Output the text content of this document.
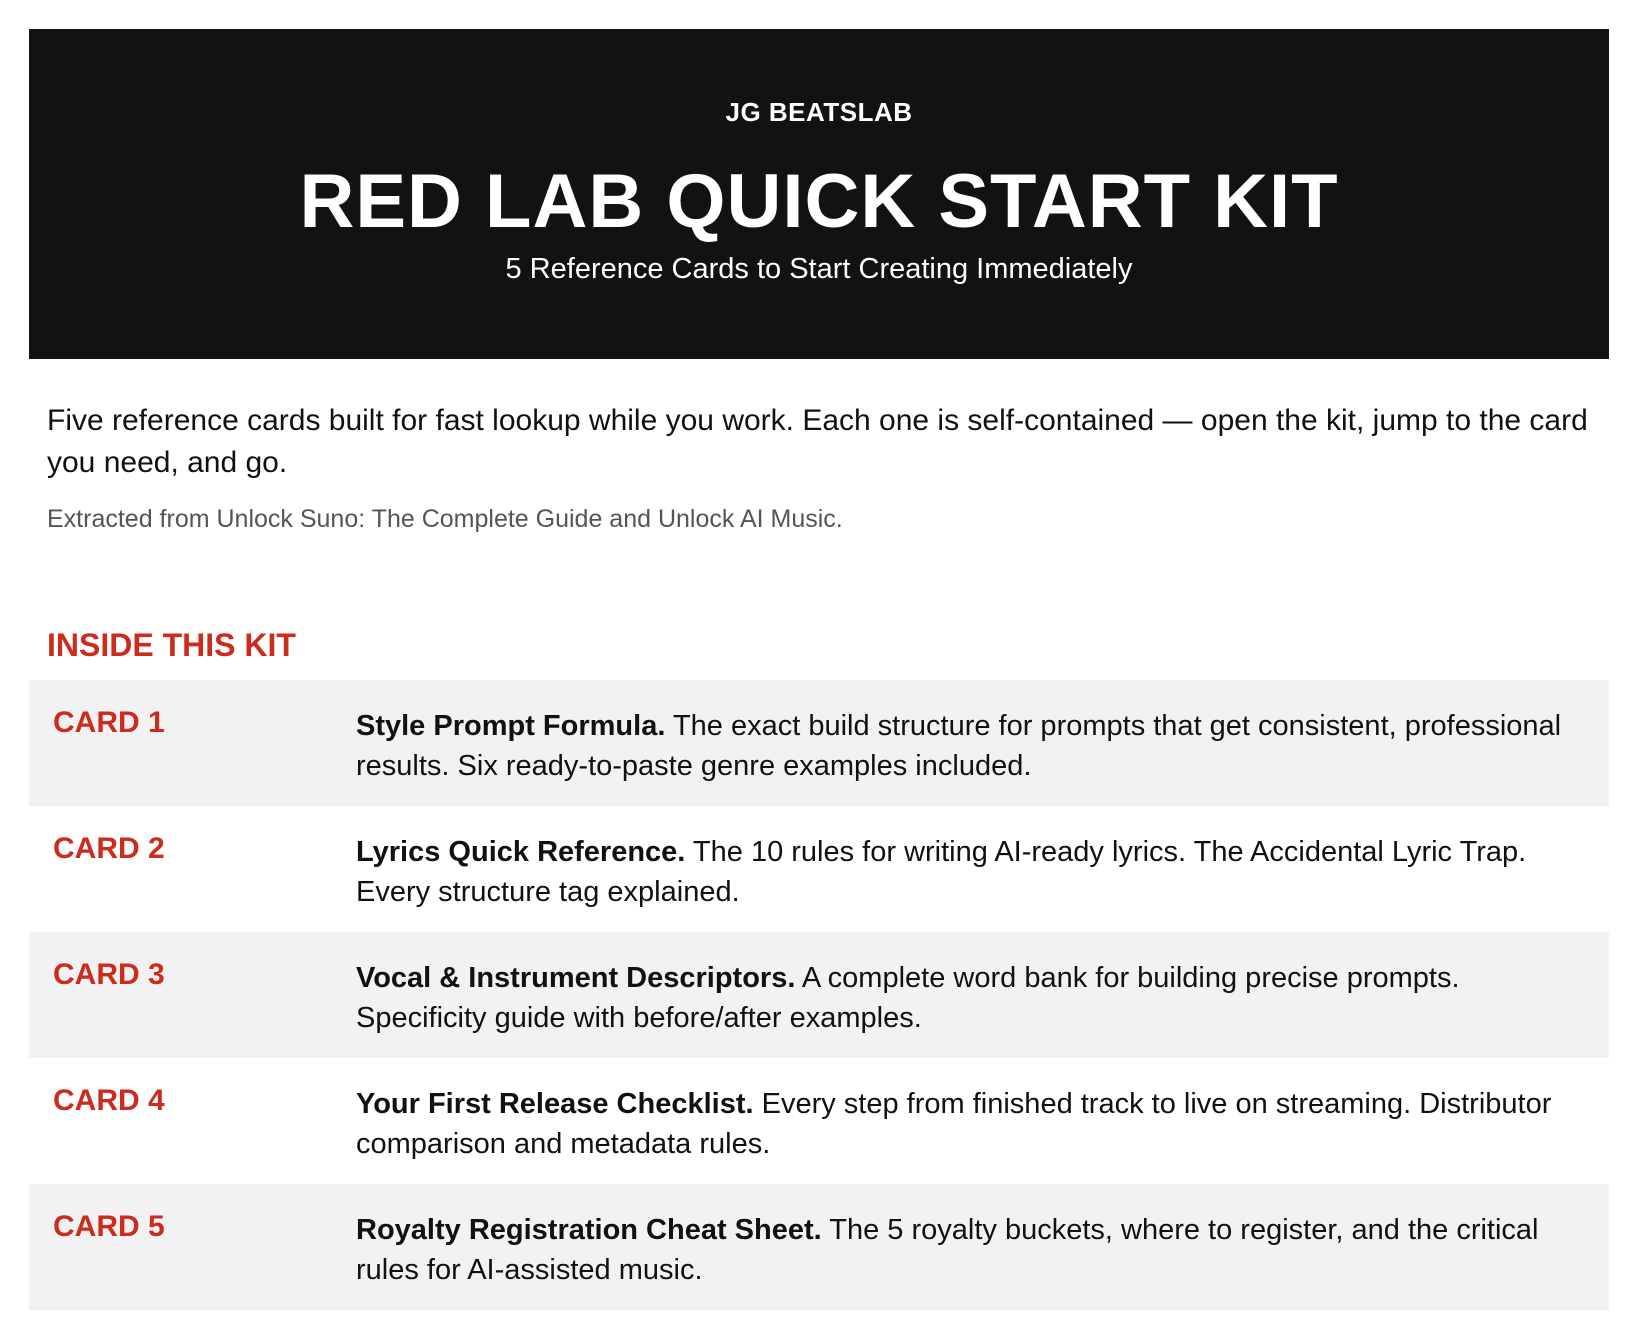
JG BEATSLAB
RED LAB QUICK START KIT
5 Reference Cards to Start Creating Immediately

Five reference cards built for fast lookup while you work. Each one is self-contained — open the kit, jump to the card you need, and go.

Extracted from Unlock Suno: The Complete Guide and Unlock AI Music.

INSIDE THIS KIT
CARD 1	Style Prompt Formula. The exact build structure for prompts that get consistent, professional results. Six ready-to-paste genre examples included.
CARD 2	Lyrics Quick Reference. The 10 rules for writing AI-ready lyrics. The Accidental Lyric Trap. Every structure tag explained.
CARD 3	Vocal & Instrument Descriptors. A complete word bank for building precise prompts. Specificity guide with before/after examples.
CARD 4	Your First Release Checklist. Every step from finished track to live on streaming. Distributor comparison and metadata rules.
CARD 5	Royalty Registration Cheat Sheet. The 5 royalty buckets, where to register, and the critical rules for AI-assisted music.
